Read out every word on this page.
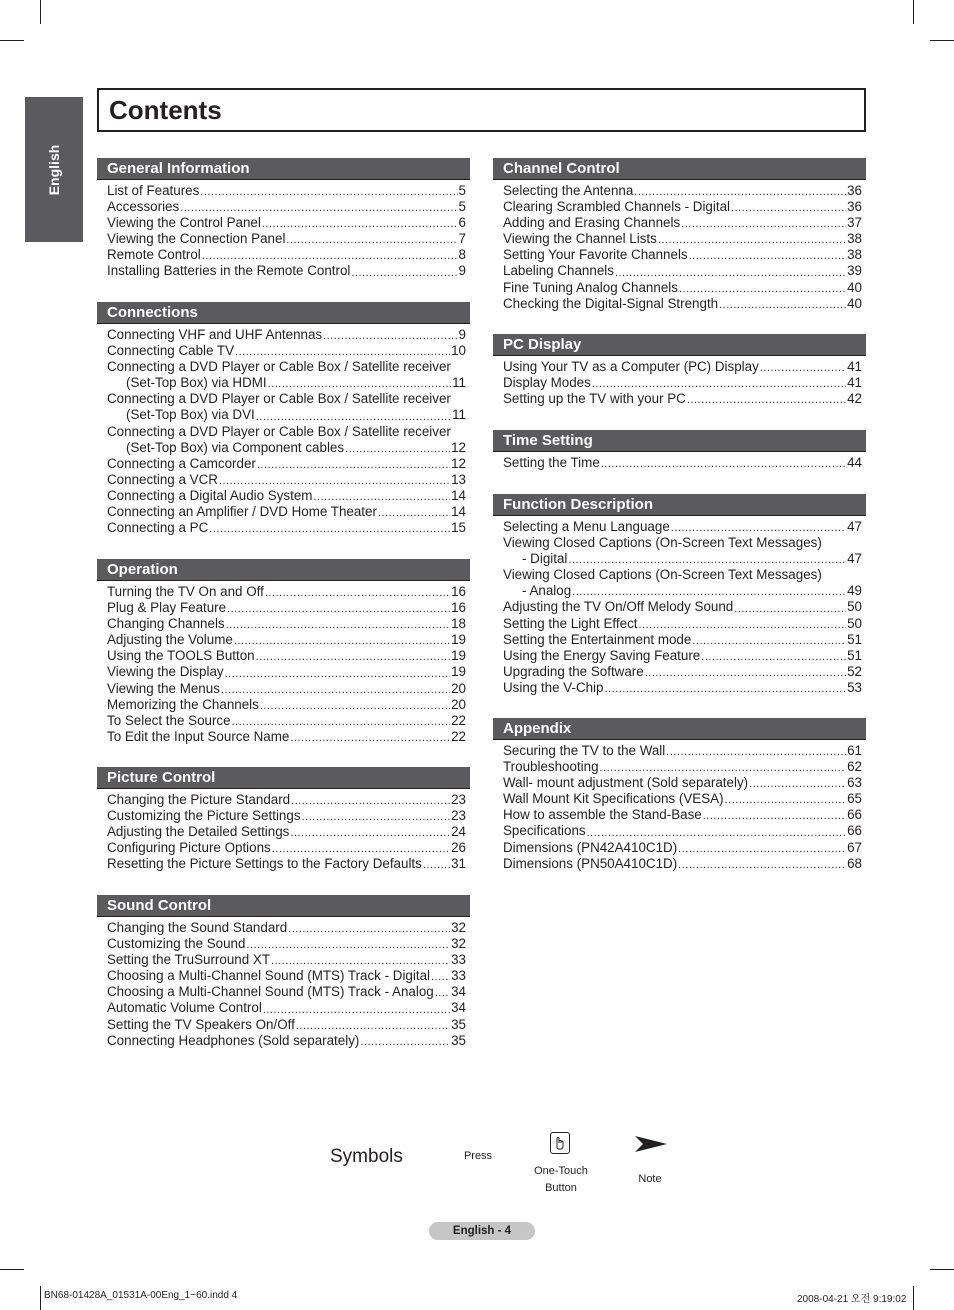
English
Contents
General Information
List of Features .....	5
Accessories .....	5
Viewing the Control Panel .....	6
Viewing the Connection Panel .....	7
Remote Control .....	8
Installing Batteries in the Remote Control .....	9
Connections
Connecting VHF and UHF Antennas .....	9
Connecting Cable TV .....	10
Connecting a DVD Player or Cable Box / Satellite receiver
(Set-Top Box) via HDMI .....	11
Connecting a DVD Player or Cable Box / Satellite receiver
(Set-Top Box) via DVI .....	11
Connecting a DVD Player or Cable Box / Satellite receiver
(Set-Top Box) via Component cables .....	12
Connecting a Camcorder .....	12
Connecting a VCR .....	13
Connecting a Digital Audio System .....	14
Connecting an Amplifier / DVD Home Theater .....	14
Connecting a PC .....	15
Operation
Turning the TV On and Off .....	16
Plug & Play Feature .....	16
Changing Channels .....	18
Adjusting the Volume .....	19
Using the TOOLS Button .....	19
Viewing the Display .....	19
Viewing the Menus .....	20
Memorizing the Channels .....	20
To Select the Source .....	22
To Edit the Input Source Name .....	22
Picture Control
Changing the Picture Standard .....	23
Customizing the Picture Settings .....	23
Adjusting the Detailed Settings .....	24
Configuring Picture Options .....	26
Resetting the Picture Settings to the Factory Defaults ..... 31
Sound Control
Changing the Sound Standard .....	32
Customizing the Sound .....	32
Setting the TruSurround XT .....	33
Choosing a Multi-Channel Sound (MTS) Track - Digital ..... 33
Choosing a Multi-Channel Sound (MTS) Track - Analog ..... 34
Automatic Volume Control .....	34
Setting the TV Speakers On/Off .....	35
Connecting Headphones (Sold separately) .....	35
Channel Control
Selecting the Antenna .....	36
Clearing Scrambled Channels - Digital .....	36
Adding and Erasing Channels .....	37
Viewing the Channel Lists .....	38
Setting Your Favorite Channels .....	38
Labeling Channels .....	39
Fine Tuning Analog Channels .....	40
Checking the Digital-Signal Strength .....	40
PC Display
Using Your TV as a Computer (PC) Display .....	41
Display Modes .....	41
Setting up the TV with your PC .....	42
Time Setting
Setting the Time .....	44
Function Description
Selecting a Menu Language .....	47
Viewing Closed Captions (On-Screen Text Messages)
- Digital .....	47
Viewing Closed Captions (On-Screen Text Messages)
- Analog .....	49
Adjusting the TV On/Off Melody Sound .....	50
Setting the Light Effect .....	50
Setting the Entertainment mode .....	51
Using the Energy Saving Feature .....	51
Upgrading the Software .....	52
Using the V-Chip .....	53
Appendix
Securing the TV to the Wall .....	61
Troubleshooting .....	62
Wall- mount adjustment (Sold separately) .....	63
Wall Mount Kit Specifications (VESA) .....	65
How to assemble the Stand-Base .....	66
Specifications .....	66
Dimensions (PN42A410C1D) .....	67
Dimensions (PN50A410C1D) .....	68
Symbols	Press
One-Touch
Button
Note
English - 4
BN68-01428A_01531A-00Eng_1~60.indd 4	2008-04-21 오전 9:19:02
